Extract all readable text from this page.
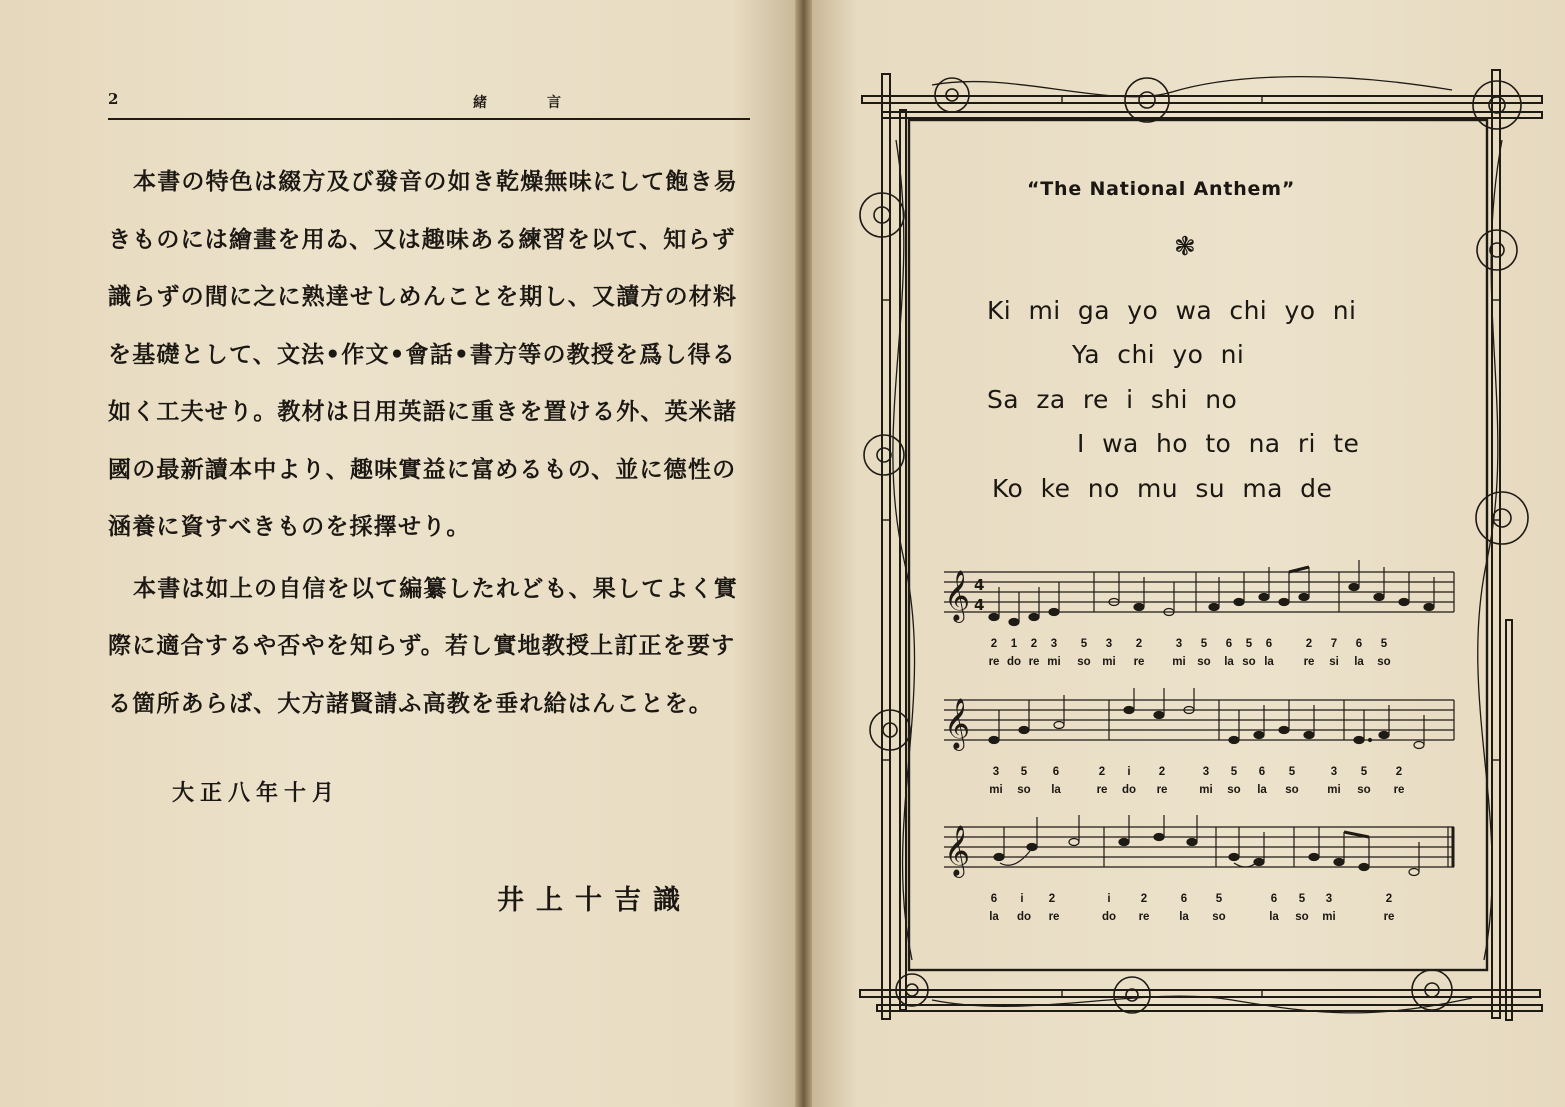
2	緒言
本書の特色は綴方及び發音の如き乾燥無味にして飽き易
きものには繪畫を用ゐ、又は趣味ある練習を以て、知らず
識らずの間に之に熟達せしめんことを期し、又讀方の材料
を基礎として、文法•作文•會話•書方等の教授を爲し得る
如く工夫せり。教材は日用英語に重きを置ける外、英米諸
國の最新讀本中より、趣味實益に富めるもの、並に德性の
涵養に資すべきものを採擇せり。
本書は如上の自信を以て編纂したれども、果してよく實
際に適合するや否やを知らず。若し實地教授上訂正を要す
る箇所あらば、大方諸賢請ふ高教を垂れ給はんことを。
大正八年十月
井上十吉識
“The National Anthem”
❃
Ki mi ga yo wa chi yo ni
Ya chi yo ni
Sa za re i shi no
I wa ho to na ri te
Ko ke no mu su ma de
𝄞 4
4
2 1 2 3 5 3 2	3 5 6 5 6	2 7 6 5
re do re mi so mi re mi so la so la	re si la so
𝄞
3 5 6	2 i 2	3 5 6 5	3 5 2
mi so la	re do re	mi so la so mi so re
𝄞
6 i 2	i	2	6 5	6 5 3	2
la do re	do re	la so	la so mi	re
